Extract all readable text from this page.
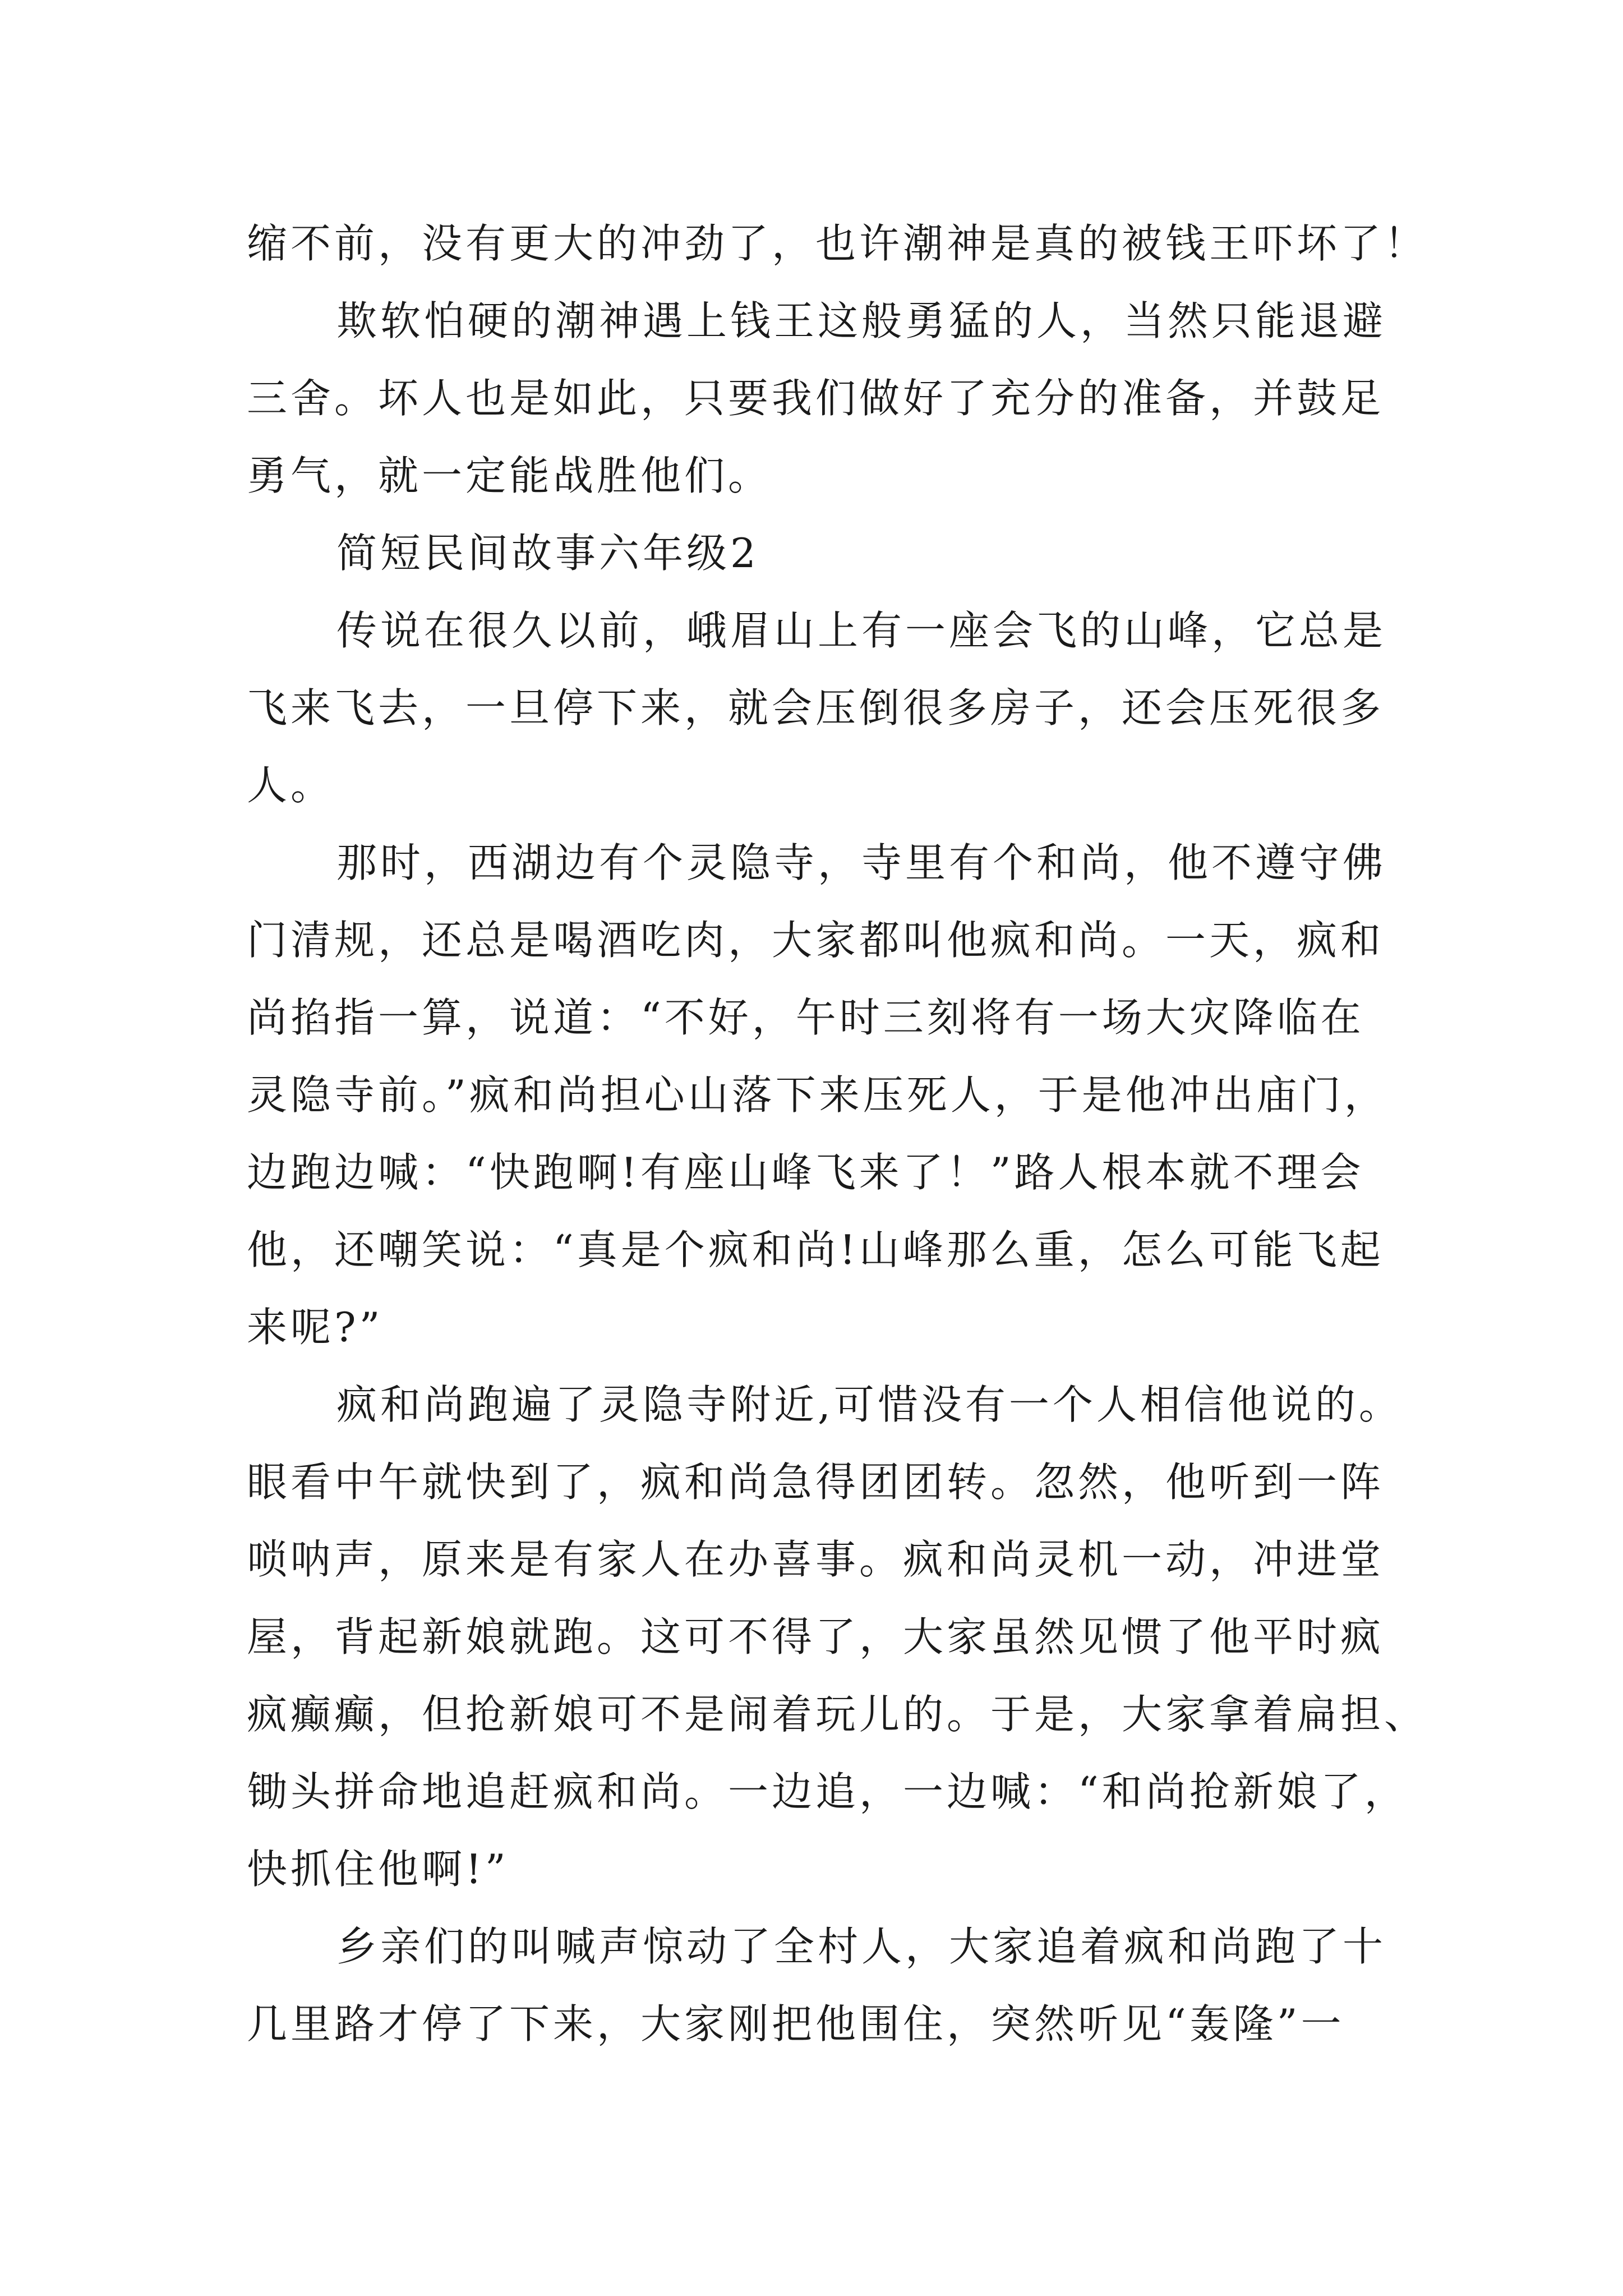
缩不前，没有更大的冲劲了，也许潮神是真的被钱王吓坏了！
欺软怕硬的潮神遇上钱王这般勇猛的人，当然只能退避
三舍。坏人也是如此，只要我们做好了充分的准备，并鼓足
勇气，就一定能战胜他们。
简短民间故事六年级2
传说在很久以前，峨眉山上有一座会飞的山峰，它总是
飞来飞去，一旦停下来，就会压倒很多房子，还会压死很多
人。
那时，西湖边有个灵隐寺，寺里有个和尚，他不遵守佛
门清规，还总是喝酒吃肉，大家都叫他疯和尚。一天，疯和
尚掐指一算，说道：“不好，午时三刻将有一场大灾降临在
灵隐寺前。”疯和尚担心山落下来压死人，于是他冲出庙门，
边跑边喊：“快跑啊!有座山峰飞来了！”路人根本就不理会
他，还嘲笑说：“真是个疯和尚!山峰那么重，怎么可能飞起
来呢?”
疯和尚跑遍了灵隐寺附近,可惜没有一个人相信他说的。
眼看中午就快到了，疯和尚急得团团转。忽然，他听到一阵
唢呐声，原来是有家人在办喜事。疯和尚灵机一动，冲进堂
屋，背起新娘就跑。这可不得了，大家虽然见惯了他平时疯
疯癫癫，但抢新娘可不是闹着玩儿的。于是，大家拿着扁担、
锄头拼命地追赶疯和尚。一边追，一边喊：“和尚抢新娘了，
快抓住他啊!”
乡亲们的叫喊声惊动了全村人，大家追着疯和尚跑了十
几里路才停了下来，大家刚把他围住，突然听见“轰隆”一
